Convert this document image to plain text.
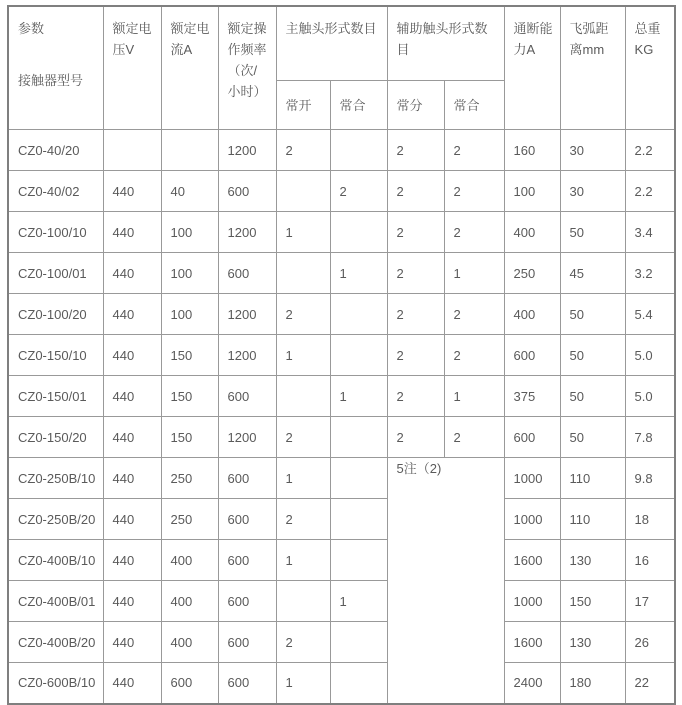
参数
接触器型号	额定电压V	额定电流A	额定操作频率（次/小时）	主触头形式数目		辅助触头形式数目		通断能力A	飞弧距离mm	总重KG
				常开	常合	常分	常合			
CZ0-40/20			1200	2		2	2	160	30	2.2
CZ0-40/02	440	40	600		2	2	2	100	30	2.2
CZ0-100/10	440	100	1200	1		2	2	400	50	3.4
CZ0-100/01	440	100	600		1	2	1	250	45	3.2
CZ0-100/20	440	100	1200	2		2	2	400	50	5.4
CZ0-150/10	440	150	1200	1		2	2	600	50	5.0
CZ0-150/01	440	150	600		1	2	1	375	50	5.0
CZ0-150/20	440	150	1200	2		2	2	600	50	7.8
CZ0-250B/10	440	250	600	1		5注（2)		1000	110	9.8
CZ0-250B/20	440	250	600	2				1000	110	18
CZ0-400B/10	440	400	600	1				1600	130	16
CZ0-400B/01	440	400	600		1			1000	150	17
CZ0-400B/20	440	400	600	2				1600	130	26
CZ0-600B/10	440	600	600	1				2400	180	22
